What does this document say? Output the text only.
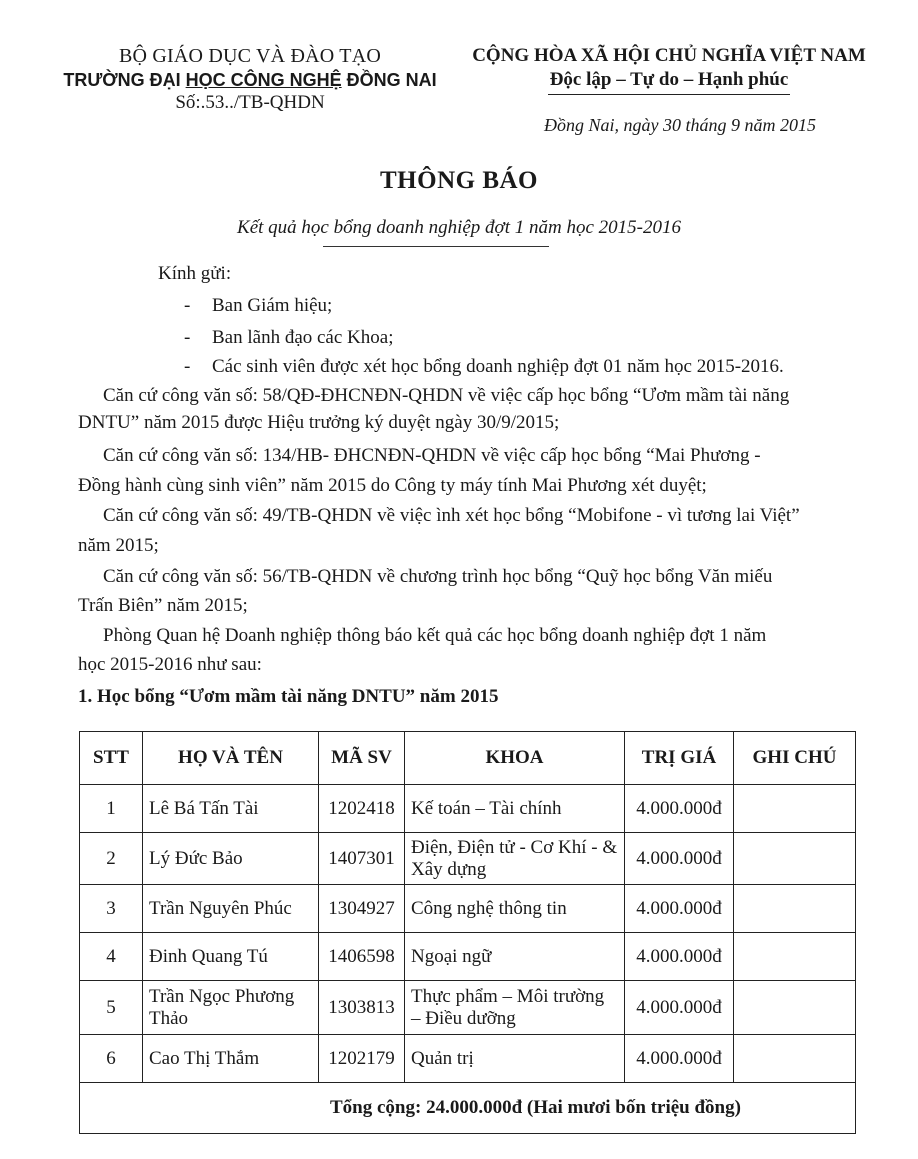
BỘ GIÁO DỤC VÀ ĐÀO TẠO
TRƯỜNG ĐẠI HỌC CÔNG NGHỆ ĐỒNG NAI
Số:.53../TB-QHDN
CỘNG HÒA XÃ HỘI CHỦ NGHĨA VIỆT NAM
Độc lập – Tự do – Hạnh phúc
Đồng Nai, ngày 30 tháng 9 năm 2015
THÔNG BÁO
Kết quả học bổng doanh nghiệp đợt 1 năm học 2015-2016
Kính gửi:
- Ban Giám hiệu;
- Ban lãnh đạo các Khoa;
- Các sinh viên được xét học bổng doanh nghiệp đợt 01 năm học 2015-2016.
Căn cứ công văn số: 58/QĐ-ĐHCNĐN-QHDN về việc cấp học bổng “Ươm mầm tài năng
DNTU” năm 2015 được Hiệu trưởng ký duyệt ngày 30/9/2015;
Căn cứ công văn số: 134/HB- ĐHCNĐN-QHDN về việc cấp học bổng “Mai Phương -
Đồng hành cùng sinh viên” năm 2015 do Công ty máy tính Mai Phương xét duyệt;
Căn cứ công văn số: 49/TB-QHDN về việc ình xét học bổng “Mobifone - vì tương lai Việt”
năm 2015;
Căn cứ công văn số: 56/TB-QHDN về chương trình học bổng “Quỹ học bổng Văn miếu
Trấn Biên” năm 2015;
Phòng Quan hệ Doanh nghiệp thông báo kết quả các học bổng doanh nghiệp đợt 1 năm
học 2015-2016 như sau:
1. Học bổng “Ươm mầm tài năng DNTU” năm 2015
STT	HỌ VÀ TÊN	MÃ SV	KHOA	TRỊ GIÁ	GHI CHÚ
1	Lê Bá Tấn Tài	1202418	Kế toán – Tài chính	4.000.000đ	
2	Lý Đức Bảo	1407301	Điện, Điện tử - Cơ Khí - & Xây dựng	4.000.000đ	
3	Trần Nguyên Phúc	1304927	Công nghệ thông tin	4.000.000đ	
4	Đinh Quang Tú	1406598	Ngoại ngữ	4.000.000đ	
5	Trần Ngọc Phương Thảo	1303813	Thực phẩm – Môi trường – Điều dưỡng	4.000.000đ	
6	Cao Thị Thắm	1202179	Quản trị	4.000.000đ	
Tổng cộng: 24.000.000đ (Hai mươi bốn triệu đồng)					
